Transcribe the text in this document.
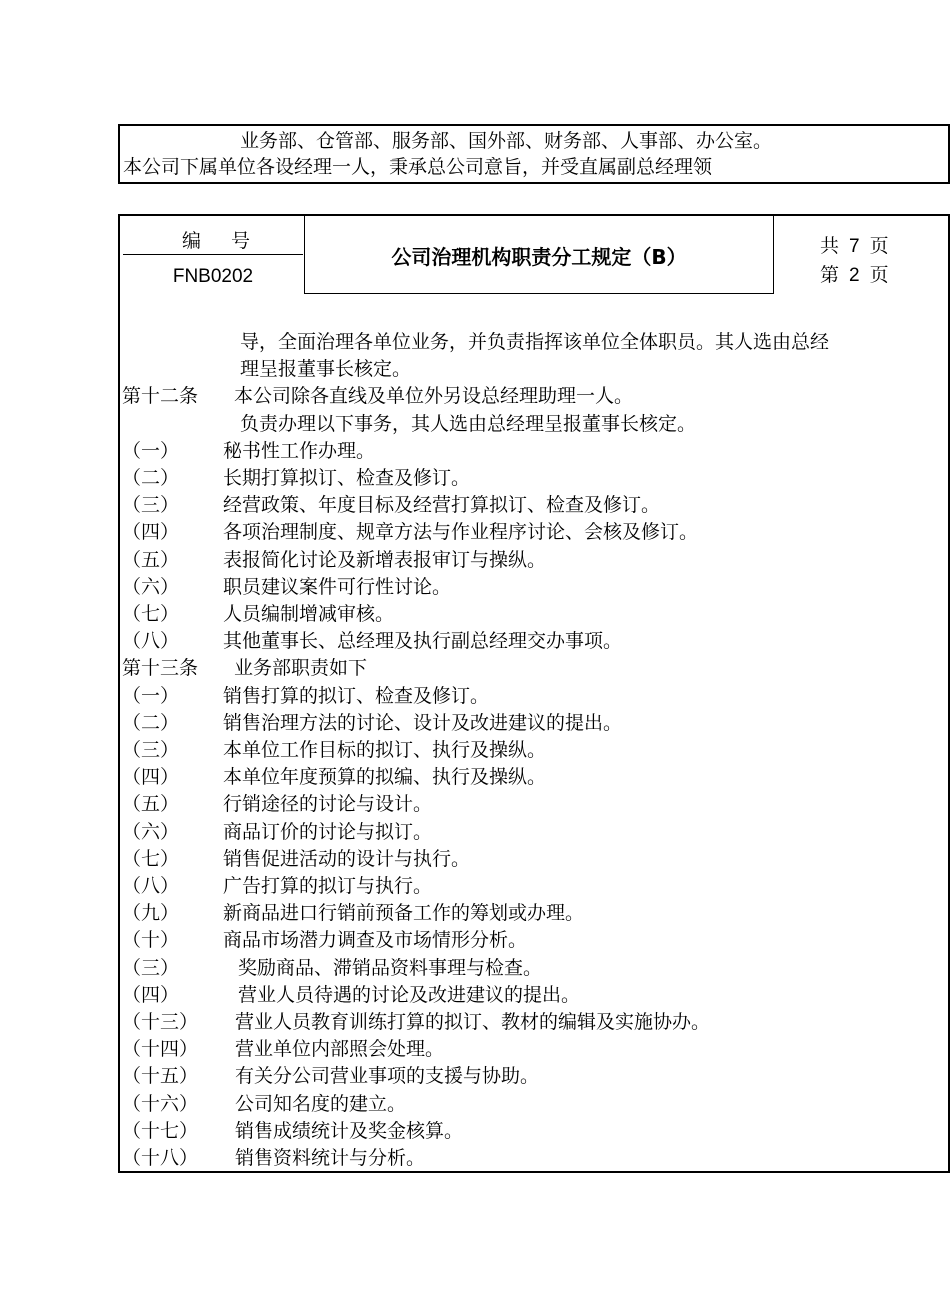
业务部、仓管部、服务部、国外部、财务部、人事部、办公室。
本公司下属单位各设经理一人，秉承总公司意旨，并受直属副总经理领
编 号
FNB0202
公司治理机构职责分工规定（B）	共 7 页
第 2 页
导，全面治理各单位业务，并负责指挥该单位全体职员。其人选由总经
理呈报董事长核定。
第十二条 本公司除各直线及单位外另设总经理助理一人。
负责办理以下事务，其人选由总经理呈报董事长核定。
（一） 秘书性工作办理。
（二） 长期打算拟订、检查及修订。
（三） 经营政策、年度目标及经营打算拟订、检查及修订。
（四） 各项治理制度、规章方法与作业程序讨论、会核及修订。
（五） 表报简化讨论及新增表报审订与操纵。
（六） 职员建议案件可行性讨论。
（七） 人员编制增减审核。
（八） 其他董事长、总经理及执行副总经理交办事项。
第十三条 业务部职责如下
（一） 销售打算的拟订、检查及修订。
（二） 销售治理方法的讨论、设计及改进建议的提出。
（三） 本单位工作目标的拟订、执行及操纵。
（四） 本单位年度预算的拟编、执行及操纵。
（五） 行销途径的讨论与设计。
（六） 商品订价的讨论与拟订。
（七） 销售促进活动的设计与执行。
（八） 广告打算的拟订与执行。
（九） 新商品进口行销前预备工作的筹划或办理。
（十） 商品市场潜力调查及市场情形分析。
（三）	奖励商品、滞销品资料事理与检查。
（四）	营业人员待遇的讨论及改进建议的提出。
（十三） 营业人员教育训练打算的拟订、教材的编辑及实施协办。
（十四） 营业单位内部照会处理。
（十五） 有关分公司营业事项的支援与协助。
（十六） 公司知名度的建立。
（十七） 销售成绩统计及奖金核算。
（十八） 销售资料统计与分析。
